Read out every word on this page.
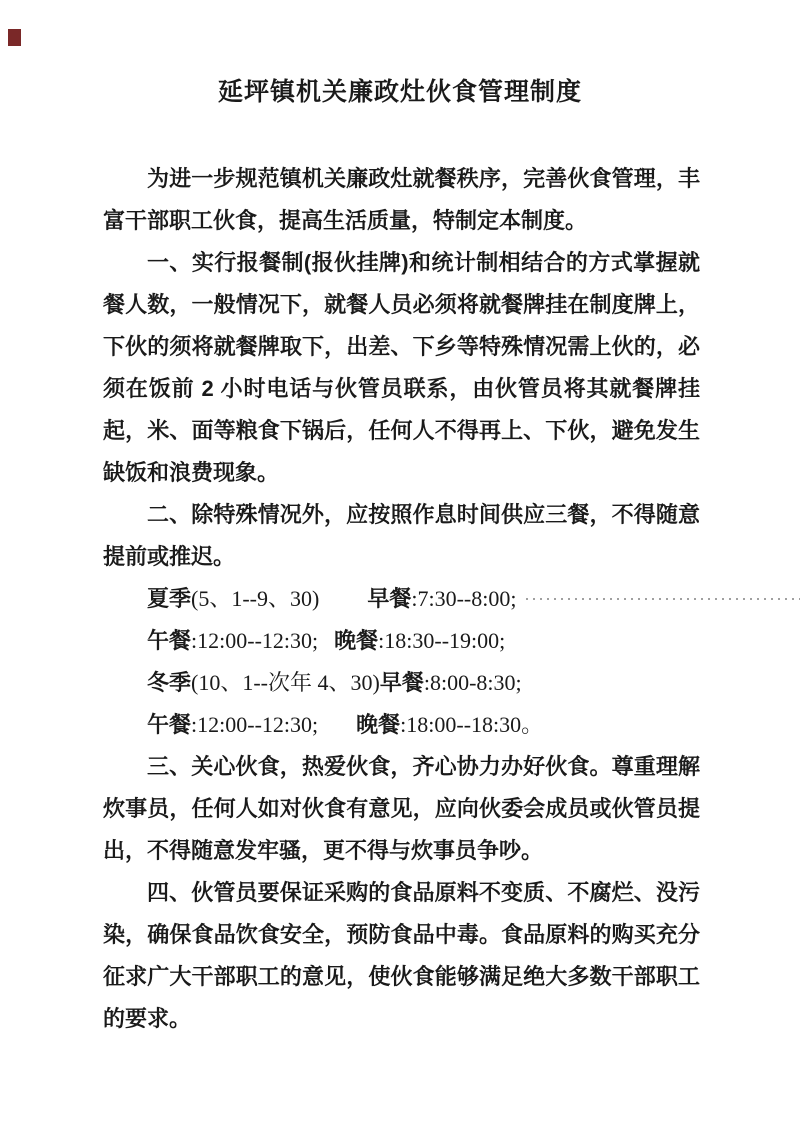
延坪镇机关廉政灶伙食管理制度

为进一步规范镇机关廉政灶就餐秩序，完善伙食管理，丰富干部职工伙食，提高生活质量，特制定本制度。

一、实行报餐制(报伙挂牌)和统计制相结合的方式掌握就餐人数，一般情况下，就餐人员必须将就餐牌挂在制度牌上，下伙的须将就餐牌取下，出差、下乡等特殊情况需上伙的，必须在饭前 2 小时电话与伙管员联系，由伙管员将其就餐牌挂起，米、面等粮食下锅后，任何人不得再上、下伙，避免发生缺饭和浪费现象。

二、除特殊情况外，应按照作息时间供应三餐，不得随意提前或推迟。

夏季 (5、1--9、30) 早餐 :7:30--8:00;
午餐 :12:00--12:30; 晚餐 :18:30--19:00;
冬季 (10、1--次年 4、30) 早餐 :8:00-8:30;
午餐 :12:00--12:30; 晚餐 :18:00--18:30。

三、关心伙食，热爱伙食，齐心协力办好伙食。尊重理解炊事员，任何人如对伙食有意见，应向伙委会成员或伙管员提出，不得随意发牢骚，更不得与炊事员争吵。

四、伙管员要保证采购的食品原料不变质、不腐烂、没污染，确保食品饮食安全，预防食品中毒。食品原料的购买充分征求广大干部职工的意见，使伙食能够满足绝大多数干部职工的要求。
